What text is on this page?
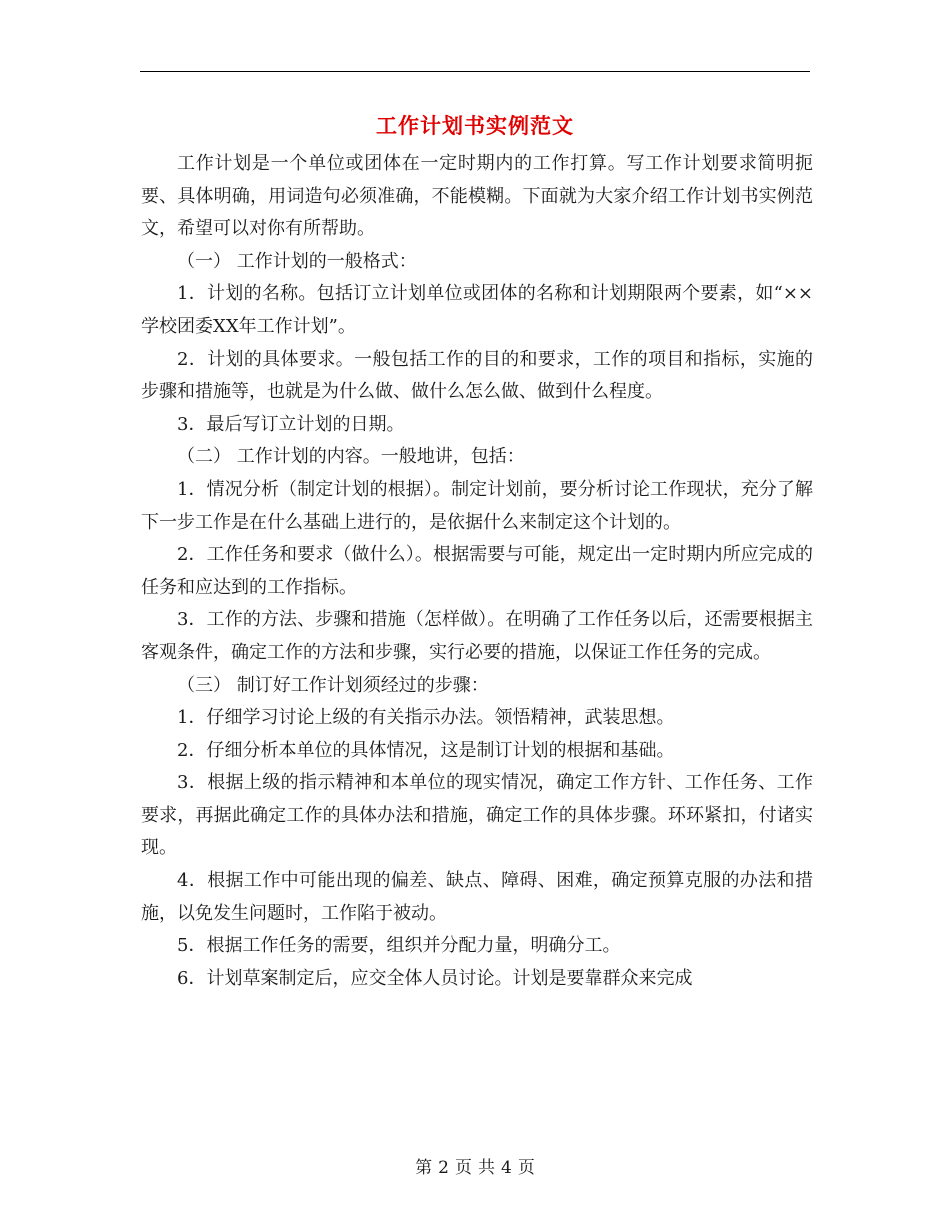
工作计划书实例范文

工作计划是一个单位或团体在一定时期内的工作打算。写工作计划要求简明扼要、具体明确，用词造句必须准确，不能模糊。下面就为大家介绍工作计划书实例范文，希望可以对你有所帮助。

（一） 工作计划的一般格式：

1．计划的名称。包括订立计划单位或团体的名称和计划期限两个要素，如“××学校团委XX年工作计划”。

2．计划的具体要求。一般包括工作的目的和要求，工作的项目和指标，实施的步骤和措施等，也就是为什么做、做什么怎么做、做到什么程度。

3．最后写订立计划的日期。

（二） 工作计划的内容。一般地讲，包括：

1．情况分析（制定计划的根据）。制定计划前，要分析讨论工作现状，充分了解下一步工作是在什么基础上进行的，是依据什么来制定这个计划的。

2．工作任务和要求（做什么）。根据需要与可能，规定出一定时期内所应完成的任务和应达到的工作指标。

3．工作的方法、步骤和措施（怎样做）。在明确了工作任务以后，还需要根据主客观条件，确定工作的方法和步骤，实行必要的措施，以保证工作任务的完成。

（三） 制订好工作计划须经过的步骤：

1．仔细学习讨论上级的有关指示办法。领悟精神，武装思想。

2．仔细分析本单位的具体情况，这是制订计划的根据和基础。

3．根据上级的指示精神和本单位的现实情况，确定工作方针、工作任务、工作要求，再据此确定工作的具体办法和措施，确定工作的具体步骤。环环紧扣，付诸实现。

4．根据工作中可能出现的偏差、缺点、障碍、困难，确定预算克服的办法和措施，以免发生问题时，工作陷于被动。

5．根据工作任务的需要，组织并分配力量，明确分工。

6．计划草案制定后，应交全体人员讨论。计划是要靠群众来完成

第 2 页 共 4 页
